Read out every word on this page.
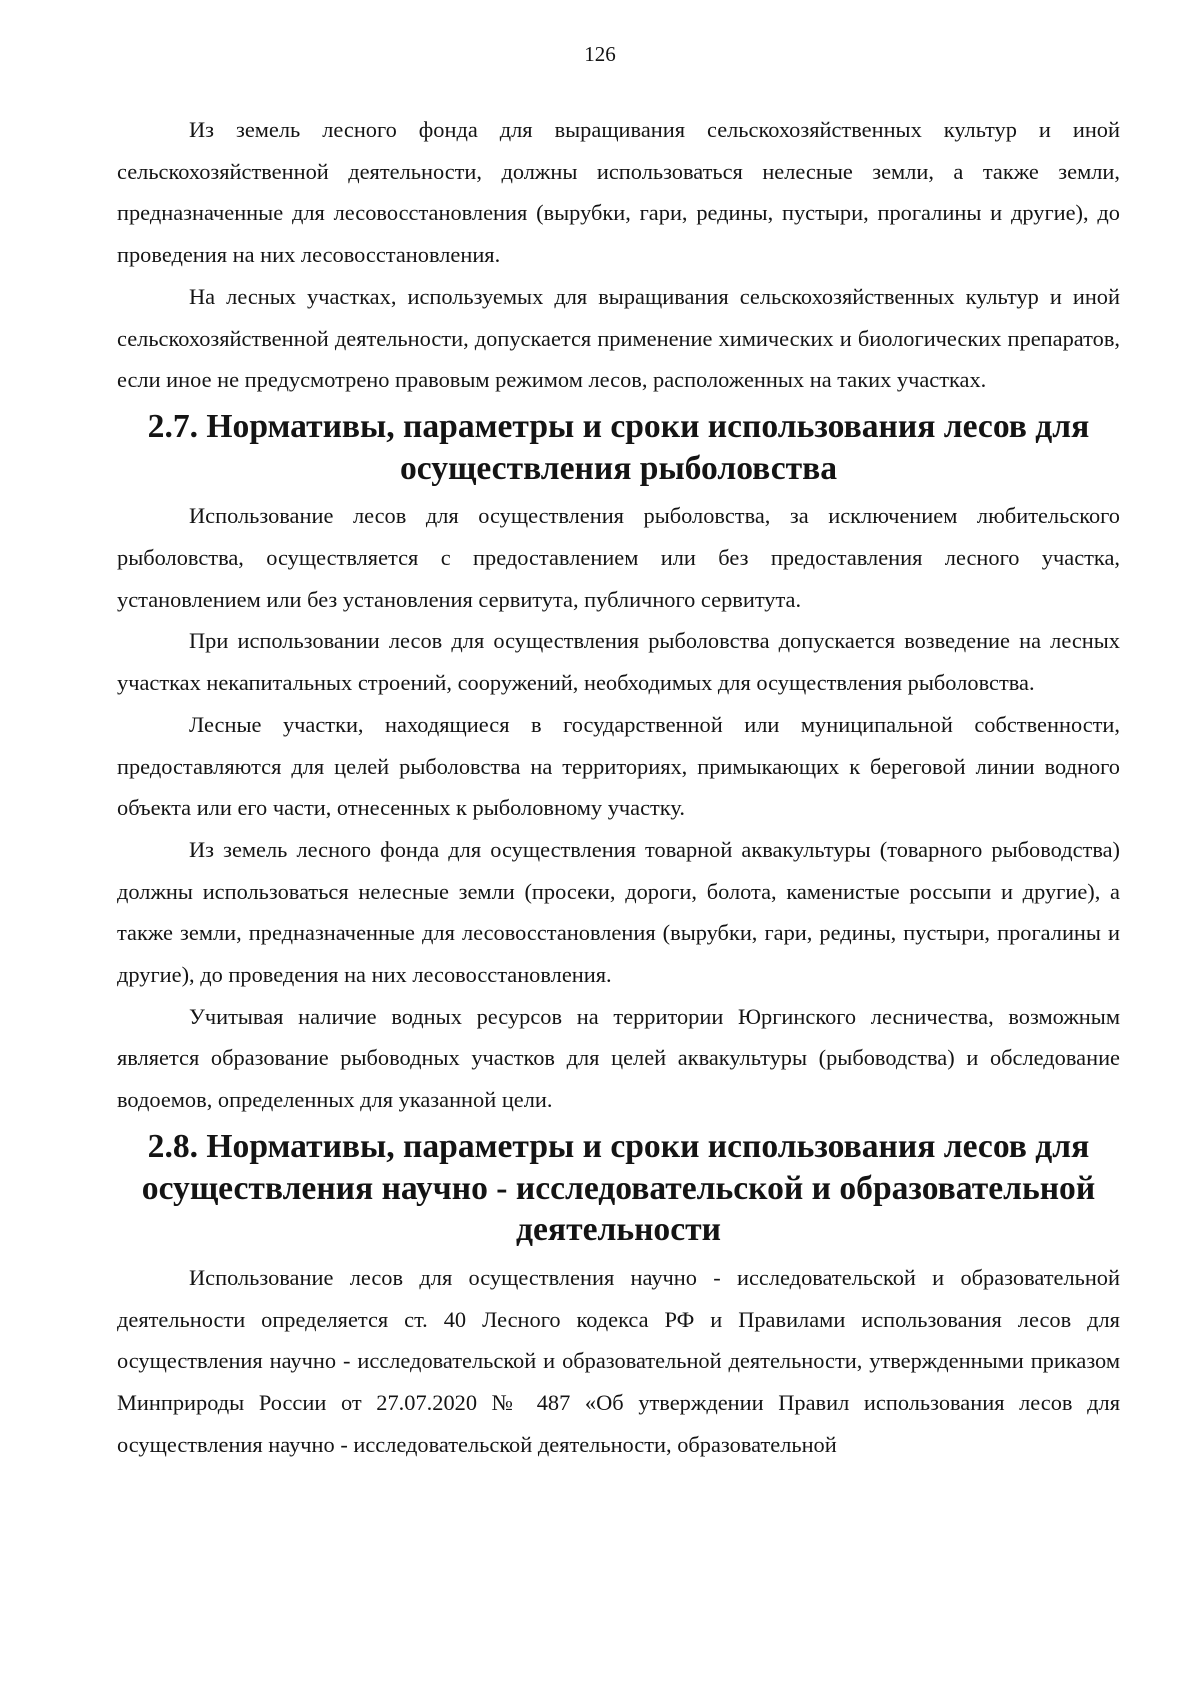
126

Из земель лесного фонда для выращивания сельскохозяйственных культур и иной сельскохозяйственной деятельности, должны использоваться нелесные земли, а также земли, предназначенные для лесовосстановления (вырубки, гари, редины, пустыри, прогалины и другие), до проведения на них лесовосстановления.

На лесных участках, используемых для выращивания сельскохозяйственных культур и иной сельскохозяйственной деятельности, допускается применение химических и биологических препаратов, если иное не предусмотрено правовым режимом лесов, расположенных на таких участках.

2.7. Нормативы, параметры и сроки использования лесов для осуществления рыболовства

Использование лесов для осуществления рыболовства, за исключением любительского рыболовства, осуществляется с предоставлением или без предоставления лесного участка, установлением или без установления сервитута, публичного сервитута.

При использовании лесов для осуществления рыболовства допускается возведение на лесных участках некапитальных строений, сооружений, необходимых для осуществления рыболовства.

Лесные участки, находящиеся в государственной или муниципальной собственности, предоставляются для целей рыболовства на территориях, примыкающих к береговой линии водного объекта или его части, отнесенных к рыболовному участку.

Из земель лесного фонда для осуществления товарной аквакультуры (товарного рыбоводства) должны использоваться нелесные земли (просеки, дороги, болота, каменистые россыпи и другие), а также земли, предназначенные для лесовосстановления (вырубки, гари, редины, пустыри, прогалины и другие), до проведения на них лесовосстановления.

Учитывая наличие водных ресурсов на территории Юргинского лесничества, возможным является образование рыбоводных участков для целей аквакультуры (рыбоводства) и обследование водоемов, определенных для указанной цели.

2.8. Нормативы, параметры и сроки использования лесов для осуществления научно - исследовательской и образовательной деятельности

Использование лесов для осуществления научно - исследовательской и образовательной деятельности определяется ст. 40 Лесного кодекса РФ и Правилами использования лесов для осуществления научно - исследовательской и образовательной деятельности, утвержденными приказом Минприроды России от 27.07.2020 № 487 «Об утверждении Правил использования лесов для осуществления научно - исследовательской деятельности, образовательной
